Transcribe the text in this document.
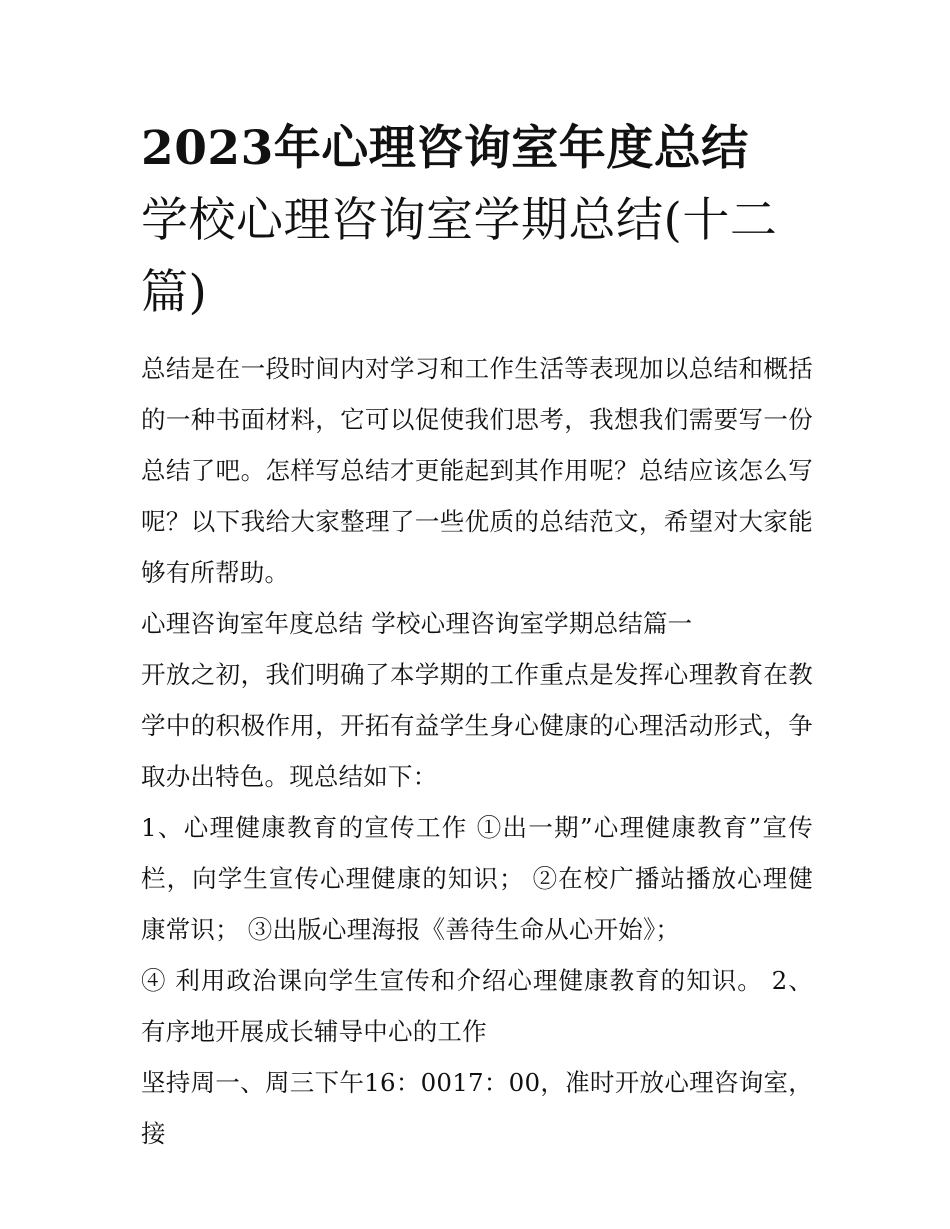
2023年心理咨询室年度总结

学校心理咨询室学期总结(十二

篇)

总结是在一段时间内对学习和工作生活等表现加以总结和概括的一种书面材料，它可以促使我们思考，我想我们需要写一份总结了吧。怎样写总结才更能起到其作用呢？总结应该怎么写呢？以下我给大家整理了一些优质的总结范文，希望对大家能够有所帮助。

心理咨询室年度总结 学校心理咨询室学期总结篇一

开放之初，我们明确了本学期的工作重点是发挥心理教育在教学中的积极作用，开拓有益学生身心健康的心理活动形式，争取办出特色。现总结如下：

1、心理健康教育的宣传工作 ①出一期”心理健康教育”宣传栏，向学生宣传心理健康的知识； ②在校广播站播放心理健康常识； ③出版心理海报《善待生命从心开始》；

④ 利用政治课向学生宣传和介绍心理健康教育的知识。 2、有序地开展成长辅导中心的工作

坚持周一、周三下午16：0017：00，准时开放心理咨询室，接
